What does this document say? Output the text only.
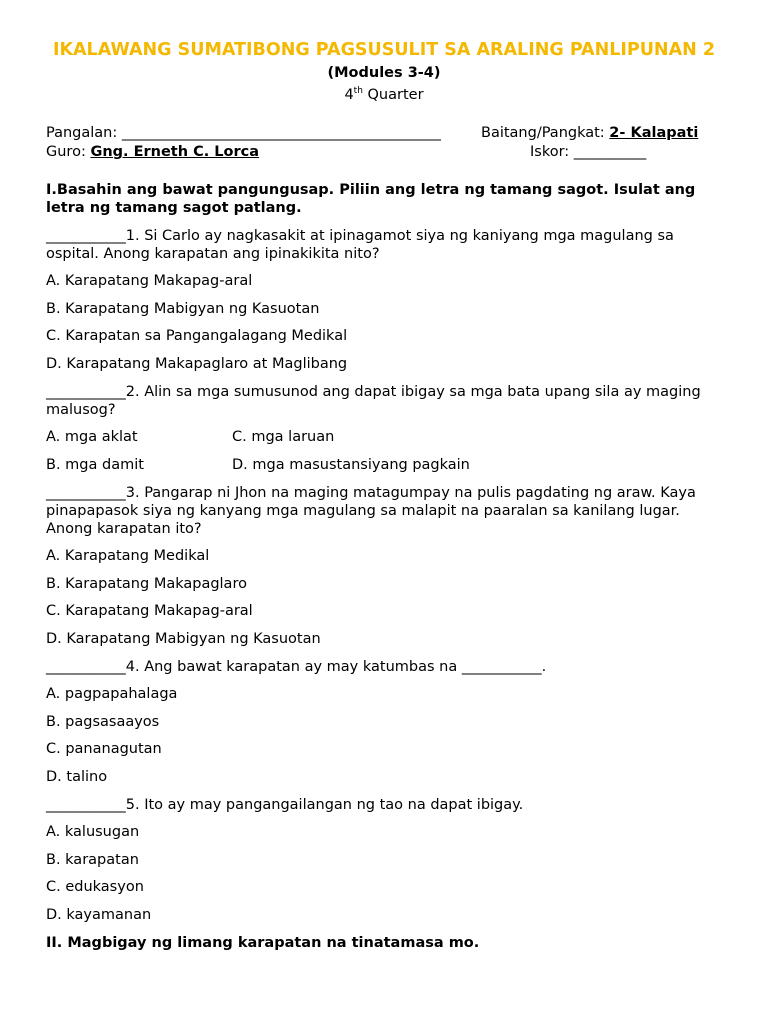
IKALAWANG SUMATIBONG PAGSUSULIT SA ARALING PANLIPUNAN 2
(Modules 3-4)
4th Quarter
Pangalan: ____________________________________________	Baitang/Pangkat: 2- Kalapati
Guro: Gng. Erneth C. Lorca	Iskor: __________
I.Basahin ang bawat pangungusap. Piliin ang letra ng tamang sagot. Isulat ang letra ng tamang sagot patlang.
___________1. Si Carlo ay nagkasakit at ipinagamot siya ng kaniyang mga magulang sa ospital. Anong karapatan ang ipinakikita nito?
A. Karapatang Makapag-aral
B. Karapatang Mabigyan ng Kasuotan
C. Karapatan sa Pangangalagang Medikal
D. Karapatang Makapaglaro at Maglibang
___________2. Alin sa mga sumusunod ang dapat ibigay sa mga bata upang sila ay maging malusog?
A. mga aklat	C. mga laruan
B. mga damit	D. mga masustansiyang pagkain
___________3. Pangarap ni Jhon na maging matagumpay na pulis pagdating ng araw. Kaya pinapapasok siya ng kanyang mga magulang sa malapit na paaralan sa kanilang lugar. Anong karapatan ito?
A. Karapatang Medikal
B. Karapatang Makapaglaro
C. Karapatang Makapag-aral
D. Karapatang Mabigyan ng Kasuotan
___________4. Ang bawat karapatan ay may katumbas na ___________.
A. pagpapahalaga
B. pagsasaayos
C. pananagutan
D. talino
___________5. Ito ay may pangangailangan ng tao na dapat ibigay.
A. kalusugan
B. karapatan
C. edukasyon
D. kayamanan
II. Magbigay ng limang karapatan na tinatamasa mo.
